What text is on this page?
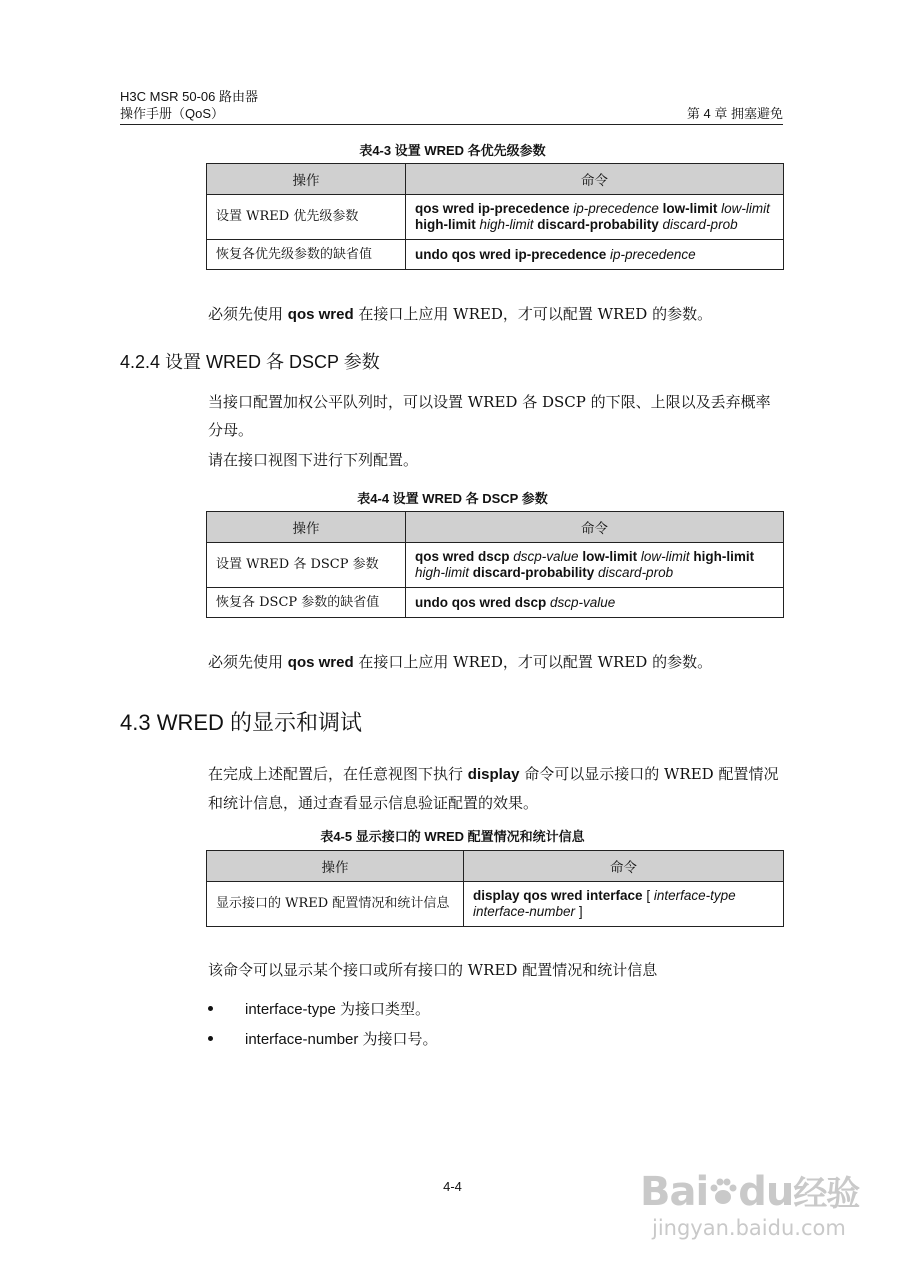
H3C MSR 50-06 路由器
操作手册（QoS）	第 4 章 拥塞避免
表4-3 设置 WRED 各优先级参数
操作	命令
设置 WRED 优先级参数	qos wred ip-precedence ip-precedence low-limit low-limit high-limit high-limit discard-probability discard-prob
恢复各优先级参数的缺省值	undo qos wred ip-precedence ip-precedence
必须先使用 qos wred 在接口上应用 WRED，才可以配置 WRED 的参数。
4.2.4 设置 WRED 各 DSCP 参数
当接口配置加权公平队列时，可以设置 WRED 各 DSCP 的下限、上限以及丢弃概率分母。
请在接口视图下进行下列配置。
表4-4 设置 WRED 各 DSCP 参数
操作	命令
设置 WRED 各 DSCP 参数	qos wred dscp dscp-value low-limit low-limit high-limit high-limit discard-probability discard-prob
恢复各 DSCP 参数的缺省值	undo qos wred dscp dscp-value
必须先使用 qos wred 在接口上应用 WRED，才可以配置 WRED 的参数。
4.3 WRED 的显示和调试
在完成上述配置后，在任意视图下执行 display 命令可以显示接口的 WRED 配置情况和统计信息，通过查看显示信息验证配置的效果。
表4-5 显示接口的 WRED 配置情况和统计信息
操作	命令
显示接口的 WRED 配置情况和统计信息	display qos wred interface [ interface-type interface-number ]
该命令可以显示某个接口或所有接口的 WRED 配置情况和统计信息
interface-type 为接口类型。
interface-number 为接口号。
4-4	Bai du经验
jingyan.baidu.com
